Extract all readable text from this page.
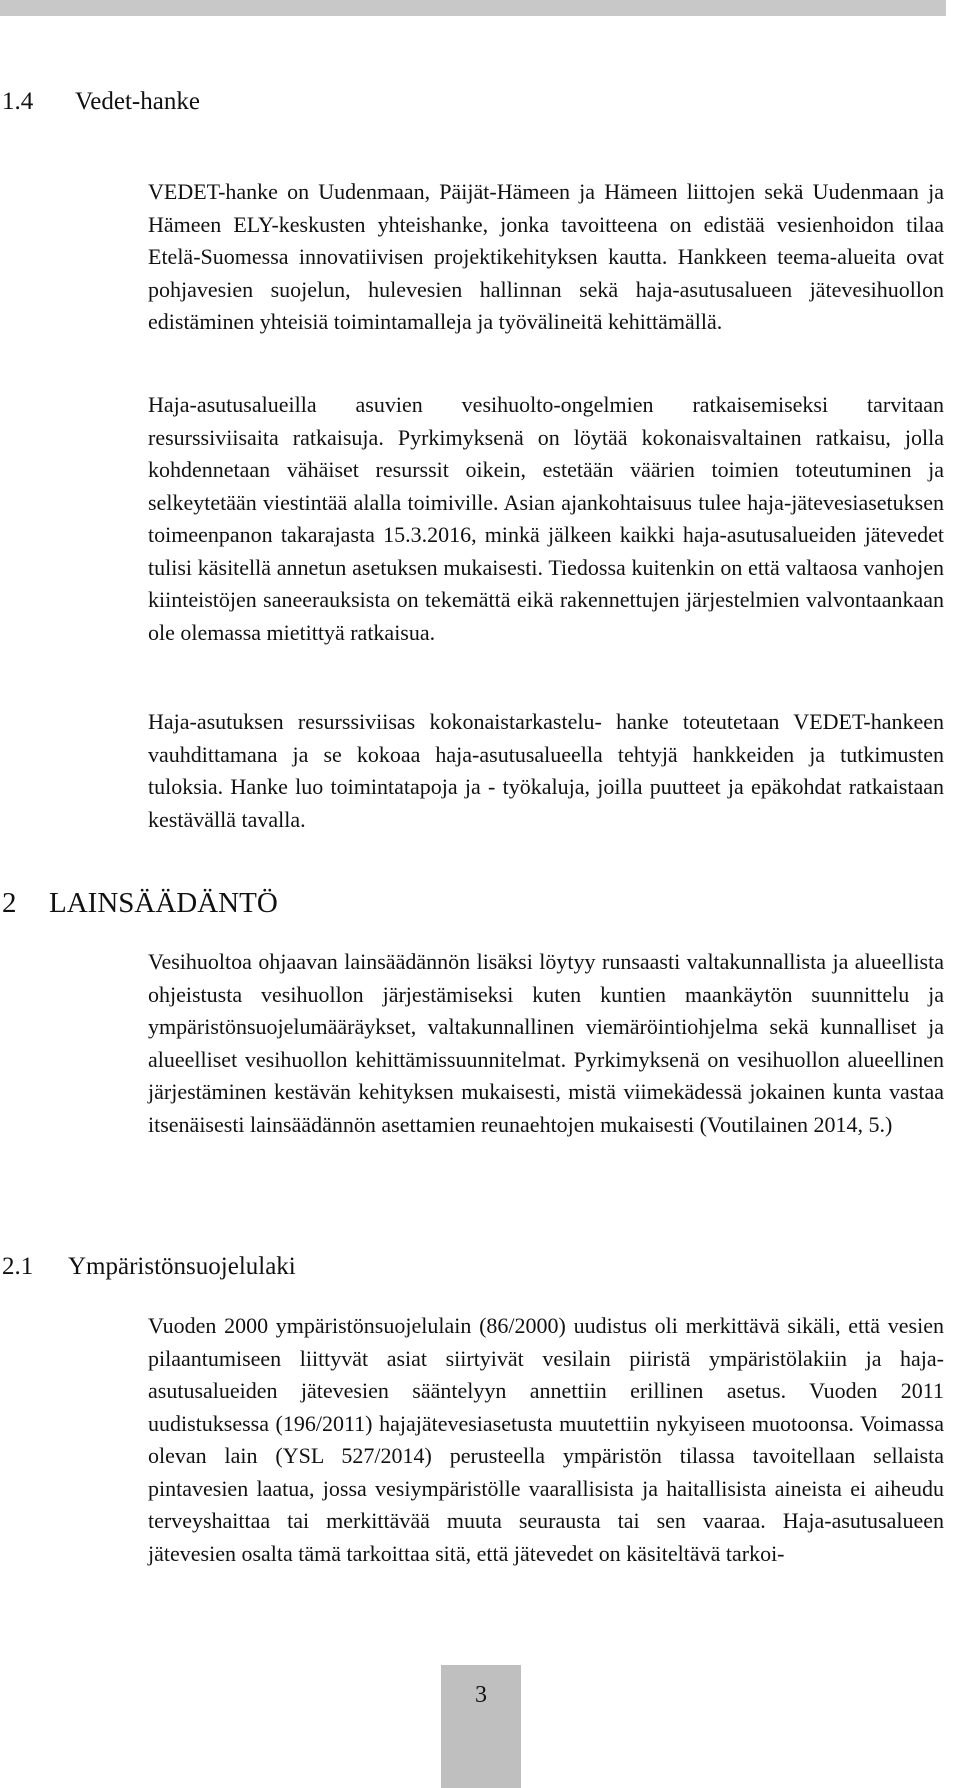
1.4 Vedet-hanke

VEDET-hanke on Uudenmaan, Päijät-Hämeen ja Hämeen liittojen sekä Uudenmaan ja Hämeen ELY-keskusten yhteishanke, jonka tavoitteena on edistää vesienhoidon tilaa Etelä-Suomessa innovatiivisen projektikehityksen kautta. Hankkeen teema-alueita ovat pohjavesien suojelun, hulevesien hallinnan sekä haja-asutusalueen jätevesihuollon edistäminen yhteisiä toimintamalleja ja työvälineitä kehittämällä.

Haja-asutusalueilla asuvien vesihuolto-ongelmien ratkaisemiseksi tarvitaan resurssiviisaita ratkaisuja. Pyrkimyksenä on löytää kokonaisvaltainen ratkaisu, jolla kohdennetaan vähäiset resurssit oikein, estetään väärien toimien toteutuminen ja selkeytetään viestintää alalla toimiville. Asian ajankohtaisuus tulee haja-jätevesiasetuksen toimeenpanon takarajasta 15.3.2016, minkä jälkeen kaikki haja-asutusalueiden jätevedet tulisi käsitellä annetun asetuksen mukaisesti. Tiedossa kuitenkin on että valtaosa vanhojen kiinteistöjen saneerauksista on tekemättä eikä rakennettujen järjestelmien valvontaankaan ole olemassa mietittyä ratkaisua.

Haja-asutuksen resurssiviisas kokonaistarkastelu- hanke toteutetaan VEDET-hankeen vauhdittamana ja se kokoaa haja-asutusalueella tehtyjä hankkeiden ja tutkimusten tuloksia. Hanke luo toimintatapoja ja - työkaluja, joilla puutteet ja epäkohdat ratkaistaan kestävällä tavalla.

2 LAINSÄÄDÄNTÖ

Vesihuoltoa ohjaavan lainsäädännön lisäksi löytyy runsaasti valtakunnallista ja alueellista ohjeistusta vesihuollon järjestämiseksi kuten kuntien maankäytön suunnittelu ja ympäristönsuojelumääräykset, valtakunnallinen viemäröintiohjelma sekä kunnalliset ja alueelliset vesihuollon kehittämissuunnitelmat. Pyrkimyksenä on vesihuollon alueellinen järjestäminen kestävän kehityksen mukaisesti, mistä viimekädessä jokainen kunta vastaa itsenäisesti lainsäädännön asettamien reunaehtojen mukaisesti (Voutilainen 2014, 5.)

2.1 Ympäristönsuojelulaki

Vuoden 2000 ympäristönsuojelulain (86/2000) uudistus oli merkittävä sikäli, että vesien pilaantumiseen liittyvät asiat siirtyivät vesilain piiristä ympäristölakiin ja haja-asutusalueiden jätevesien sääntelyyn annettiin erillinen asetus. Vuoden 2011 uudistuksessa (196/2011) hajajätevesiasetusta muutettiin nykyiseen muotoonsa. Voimassa olevan lain (YSL 527/2014) perusteella ympäristön tilassa tavoitellaan sellaista pintavesien laatua, jossa vesiympäristölle vaarallisista ja haitallisista aineista ei aiheudu terveyshaittaa tai merkittävää muuta seurausta tai sen vaaraa. Haja-asutusalueen jätevesien osalta tämä tarkoittaa sitä, että jätevedet on käsiteltävä tarkoi-

3
